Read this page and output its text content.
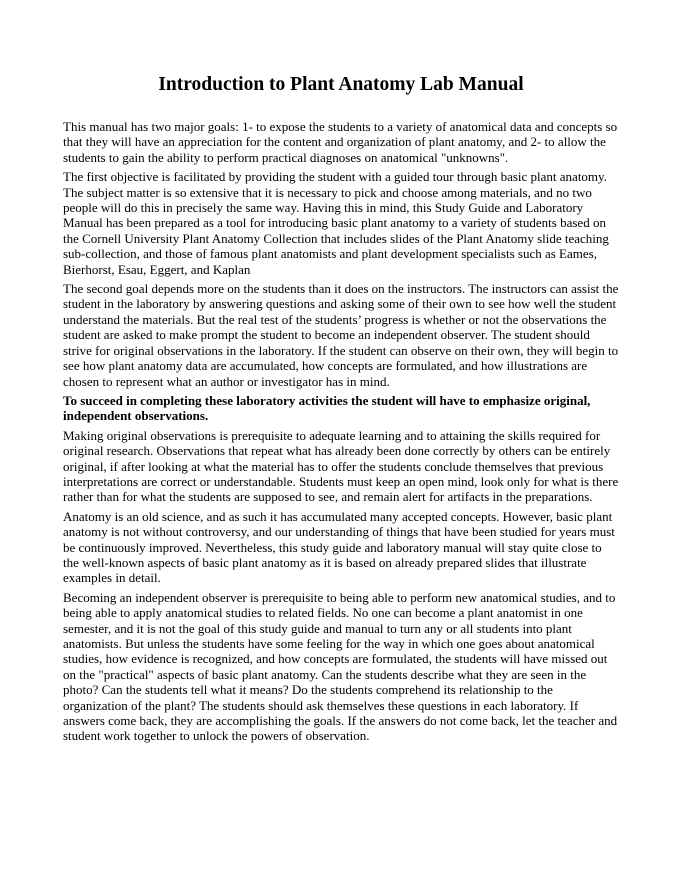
Introduction to Plant Anatomy Lab Manual

This manual has two major goals: 1- to expose the students to a variety of anatomical data and concepts so that they will have an appreciation for the content and organization of plant anatomy, and 2- to allow the students to gain the ability to perform practical diagnoses on anatomical "unknowns".

The first objective is facilitated by providing the student with a guided tour through basic plant anatomy. The subject matter is so extensive that it is necessary to pick and choose among materials, and no two people will do this in precisely the same way. Having this in mind, this Study Guide and Laboratory Manual has been prepared as a tool for introducing basic plant anatomy to a variety of students based on the Cornell University Plant Anatomy Collection that includes slides of the Plant Anatomy slide teaching sub-collection, and those of famous plant anatomists and plant development specialists such as Eames, Bierhorst, Esau, Eggert, and Kaplan

The second goal depends more on the students than it does on the instructors. The instructors can assist the student in the laboratory by answering questions and asking some of their own to see how well the student understand the materials. But the real test of the students’ progress is whether or not the observations the student are asked to make prompt the student to become an independent observer. The student should strive for original observations in the laboratory. If the student can observe on their own, they will begin to see how plant anatomy data are accumulated, how concepts are formulated, and how illustrations are chosen to represent what an author or investigator has in mind.

To succeed in completing these laboratory activities the student will have to emphasize original, independent observations.

Making original observations is prerequisite to adequate learning and to attaining the skills required for original research. Observations that repeat what has already been done correctly by others can be entirely original, if after looking at what the material has to offer the students conclude themselves that previous interpretations are correct or understandable. Students must keep an open mind, look only for what is there rather than for what the students are supposed to see, and remain alert for artifacts in the preparations.

Anatomy is an old science, and as such it has accumulated many accepted concepts. However, basic plant anatomy is not without controversy, and our understanding of things that have been studied for years must be continuously improved. Nevertheless, this study guide and laboratory manual will stay quite close to the well-known aspects of basic plant anatomy as it is based on already prepared slides that illustrate examples in detail.

Becoming an independent observer is prerequisite to being able to perform new anatomical studies, and to being able to apply anatomical studies to related fields. No one can become a plant anatomist in one semester, and it is not the goal of this study guide and manual to turn any or all students into plant anatomists. But unless the students have some feeling for the way in which one goes about anatomical studies, how evidence is recognized, and how concepts are formulated, the students will have missed out on the "practical" aspects of basic plant anatomy. Can the students describe what they are seen in the photo? Can the students tell what it means? Do the students comprehend its relationship to the organization of the plant? The students should ask themselves these questions in each laboratory. If answers come back, they are accomplishing the goals. If the answers do not come back, let the teacher and student work together to unlock the powers of observation.
